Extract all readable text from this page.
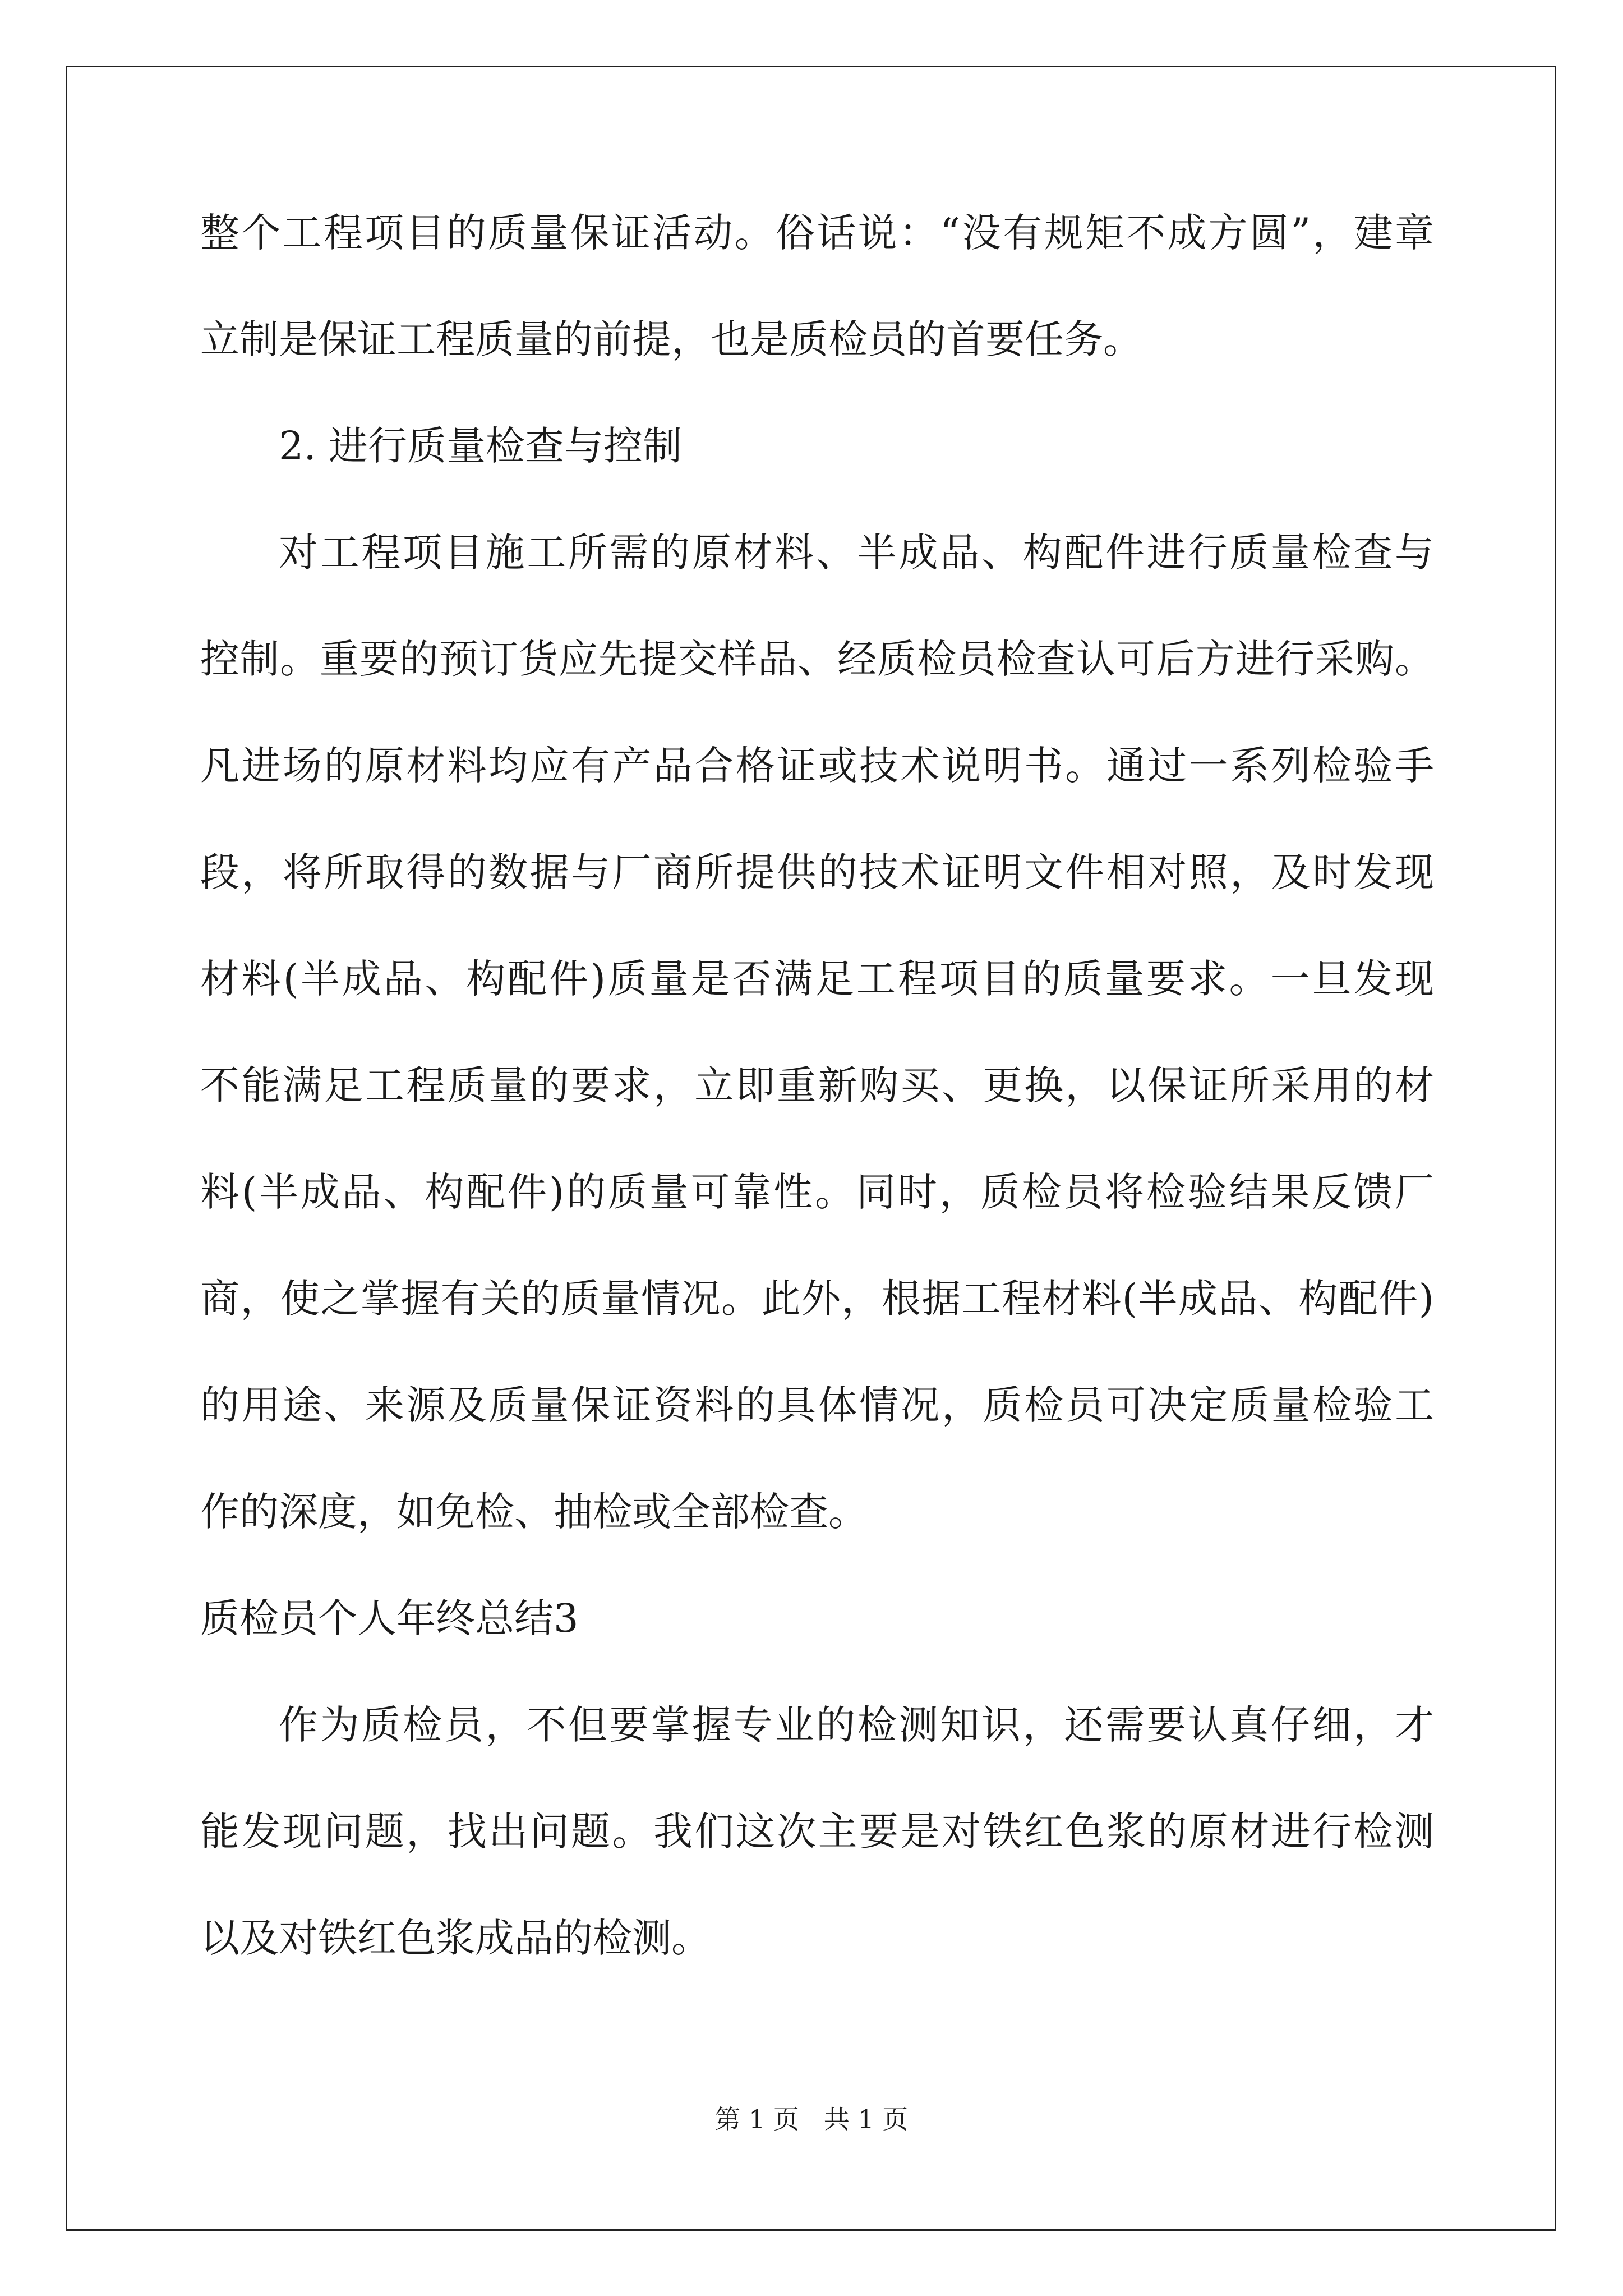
整个工程项目的质量保证活动。俗话说：“没有规矩不成方圆”，建章
立制是保证工程质量的前提，也是质检员的首要任务。
2. 进行质量检查与控制
对工程项目施工所需的原材料、半成品、构配件进行质量检查与
控制。重要的预订货应先提交样品、经质检员检查认可后方进行采购。
凡进场的原材料均应有产品合格证或技术说明书。通过一系列检验手
段，将所取得的数据与厂商所提供的技术证明文件相对照，及时发现
材料(半成品、构配件)质量是否满足工程项目的质量要求。一旦发现
不能满足工程质量的要求，立即重新购买、更换，以保证所采用的材
料(半成品、构配件)的质量可靠性。同时，质检员将检验结果反馈厂
商，使之掌握有关的质量情况。此外，根据工程材料(半成品、构配件)
的用途、来源及质量保证资料的具体情况，质检员可决定质量检验工
作的深度，如免检、抽检或全部检查。
质检员个人年终总结3
作为质检员，不但要掌握专业的检测知识，还需要认真仔细，才
能发现问题，找出问题。我们这次主要是对铁红色浆的原材进行检测
以及对铁红色浆成品的检测。
第 1 页   共 1 页
